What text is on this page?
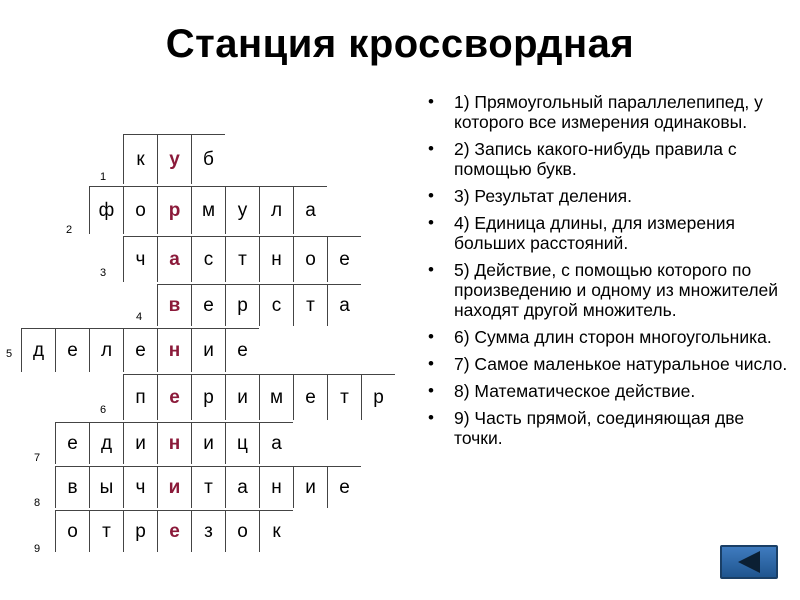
Станция кроссвордная
1
к	у	б
2
ф	о	р	м	у	л	а
3
ч	а	с	т	н	о	е
4
в	е	р	с	т	а
5	д	е	л	е	н	и	е
6
п	е	р	и	м	е	т	р
7
е	д	и	н	и	ц	а
8
в	ы	ч	и	т	а	н	и	е
9
о	т	р	е	з	о	к
• 1) Прямоугольный параллелепипед, у которого все измерения одинаковы.
• 2) Запись какого-нибудь правила с помощью букв.
• 3) Результат деления.
• 4) Единица длины, для измерения больших расстояний.
• 5) Действие, с помощью которого по произведению и одному из множителей находят другой множитель.
• 6) Сумма длин сторон многоугольника.
• 7) Самое маленькое натуральное число.
• 8) Математическое действие.
• 9) Часть прямой, соединяющая две точки.
